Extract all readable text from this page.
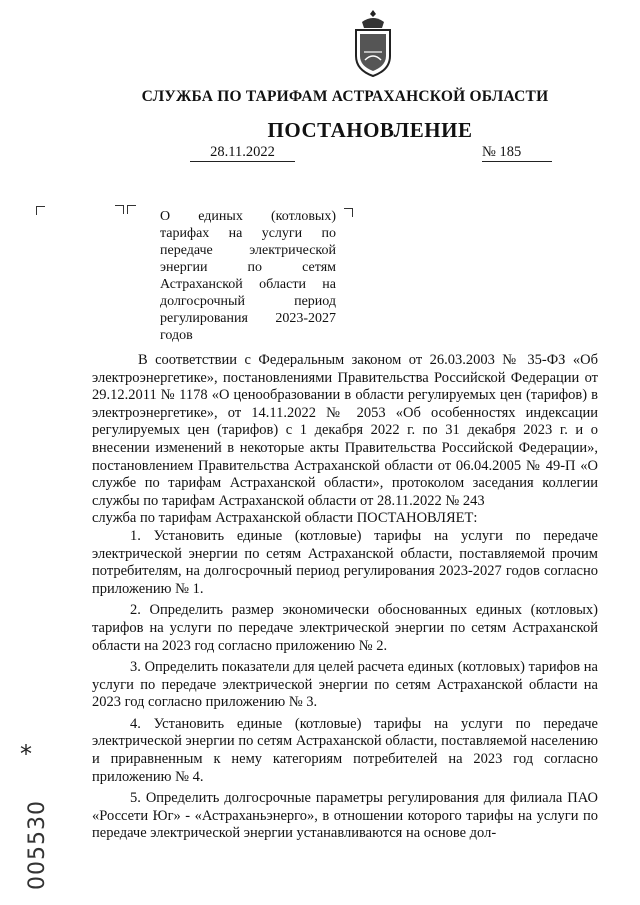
СЛУЖБА ПО ТАРИФАМ АСТРАХАНСКОЙ ОБЛАСТИ
ПОСТАНОВЛЕНИЕ
28.11.2022	№ 185
О единых (котловых) тарифах на услуги по передаче электрической энергии по сетям Астраханской области на долгосрочный период регулирования 2023-2027 годов

В соответствии с Федеральным законом от 26.03.2003 № 35-ФЗ «Об электроэнергетике», постановлениями Правительства Российской Федерации от 29.12.2011 № 1178 «О ценообразовании в области регулируемых цен (тарифов) в электроэнергетике», от 14.11.2022 № 2053 «Об особенностях индексации регулируемых цен (тарифов) с 1 декабря 2022 г. по 31 декабря 2023 г. и о внесении изменений в некоторые акты Правительства Российской Федерации», постановлением Правительства Астраханской области от 06.04.2005 № 49-П «О службе по тарифам Астраханской области», протоколом заседания коллегии службы по тарифам Астраханской области от 28.11.2022 № 243

служба по тарифам Астраханской области ПОСТАНОВЛЯЕТ:

1. Установить единые (котловые) тарифы на услуги по передаче электрической энергии по сетям Астраханской области, поставляемой прочим потребителям, на долгосрочный период регулирования 2023-2027 годов согласно приложению № 1.

2. Определить размер экономически обоснованных единых (котловых) тарифов на услуги по передаче электрической энергии по сетям Астраханской области на 2023 год согласно приложению № 2.

3. Определить показатели для целей расчета единых (котловых) тарифов на услуги по передаче электрической энергии по сетям Астраханской области на 2023 год согласно приложению № 3.

4. Установить единые (котловые) тарифы на услуги по передаче электрической энергии по сетям Астраханской области, поставляемой населению и приравненным к нему категориям потребителей на 2023 год согласно приложению № 4.

5. Определить долгосрочные параметры регулирования для филиала ПАО «Россети Юг» - «Астраханьэнерго», в отношении которого тарифы на услуги по передаче электрической энергии устанавливаются на основе дол-

*
005530
